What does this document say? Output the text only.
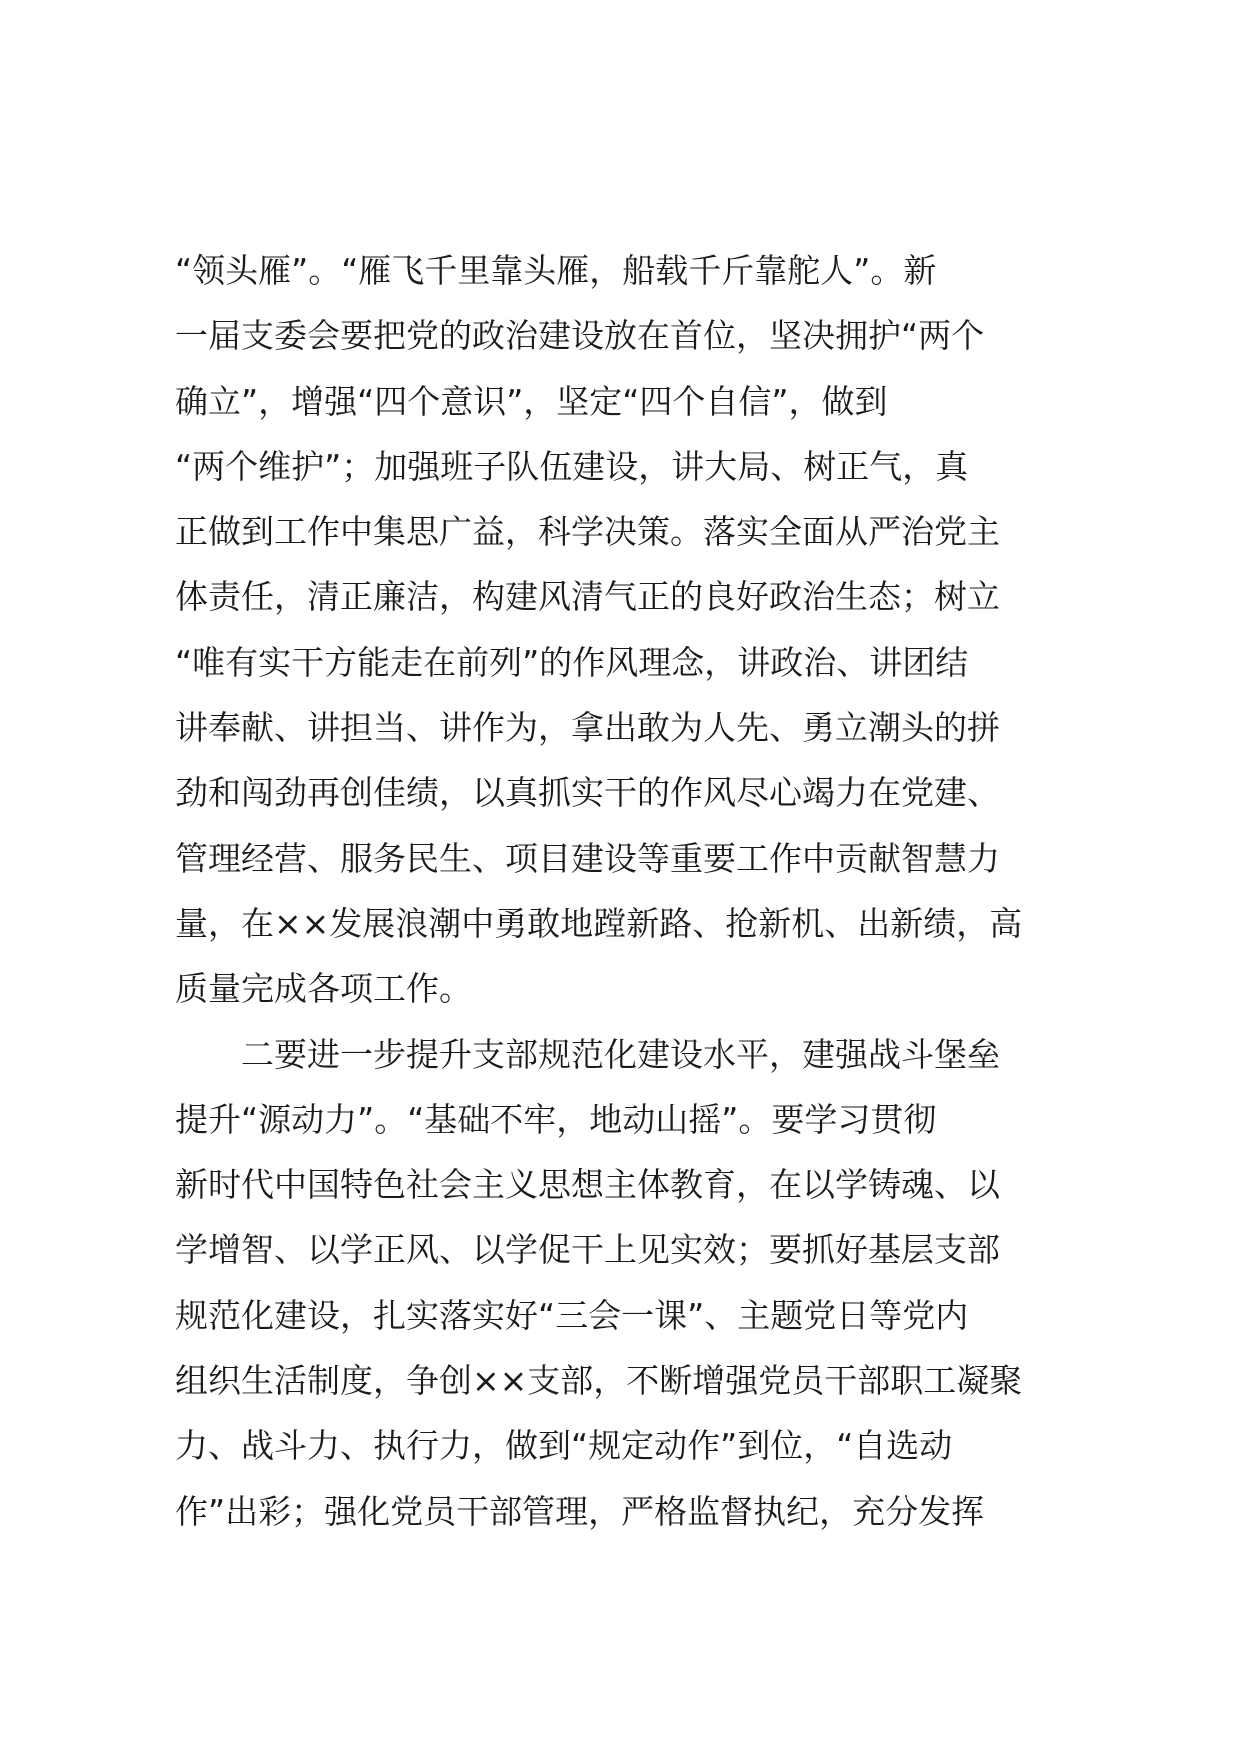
“领头雁”。“雁飞千里靠头雁，船载千斤靠舵人”。新
一届支委会要把党的政治建设放在首位，坚决拥护“两个
确立”，增强“四个意识”，坚定“四个自信”，做到
“两个维护”；加强班子队伍建设，讲大局、树正气，真
正做到工作中集思广益，科学决策。落实全面从严治党主
体责任，清正廉洁，构建风清气正的良好政治生态；树立
“唯有实干方能走在前列”的作风理念，讲政治、讲团结
讲奉献、讲担当、讲作为，拿出敢为人先、勇立潮头的拼
劲和闯劲再创佳绩，以真抓实干的作风尽心竭力在党建、
管理经营、服务民生、项目建设等重要工作中贡献智慧力
量，在××发展浪潮中勇敢地蹚新路、抢新机、出新绩，高
质量完成各项工作。
二要进一步提升支部规范化建设水平，建强战斗堡垒
提升“源动力”。“基础不牢，地动山摇”。要学习贯彻
新时代中国特色社会主义思想主体教育，在以学铸魂、以
学增智、以学正风、以学促干上见实效；要抓好基层支部
规范化建设，扎实落实好“三会一课”、主题党日等党内
组织生活制度，争创××支部，不断增强党员干部职工凝聚
力、战斗力、执行力，做到“规定动作”到位，“自选动
作”出彩；强化党员干部管理，严格监督执纪，充分发挥
